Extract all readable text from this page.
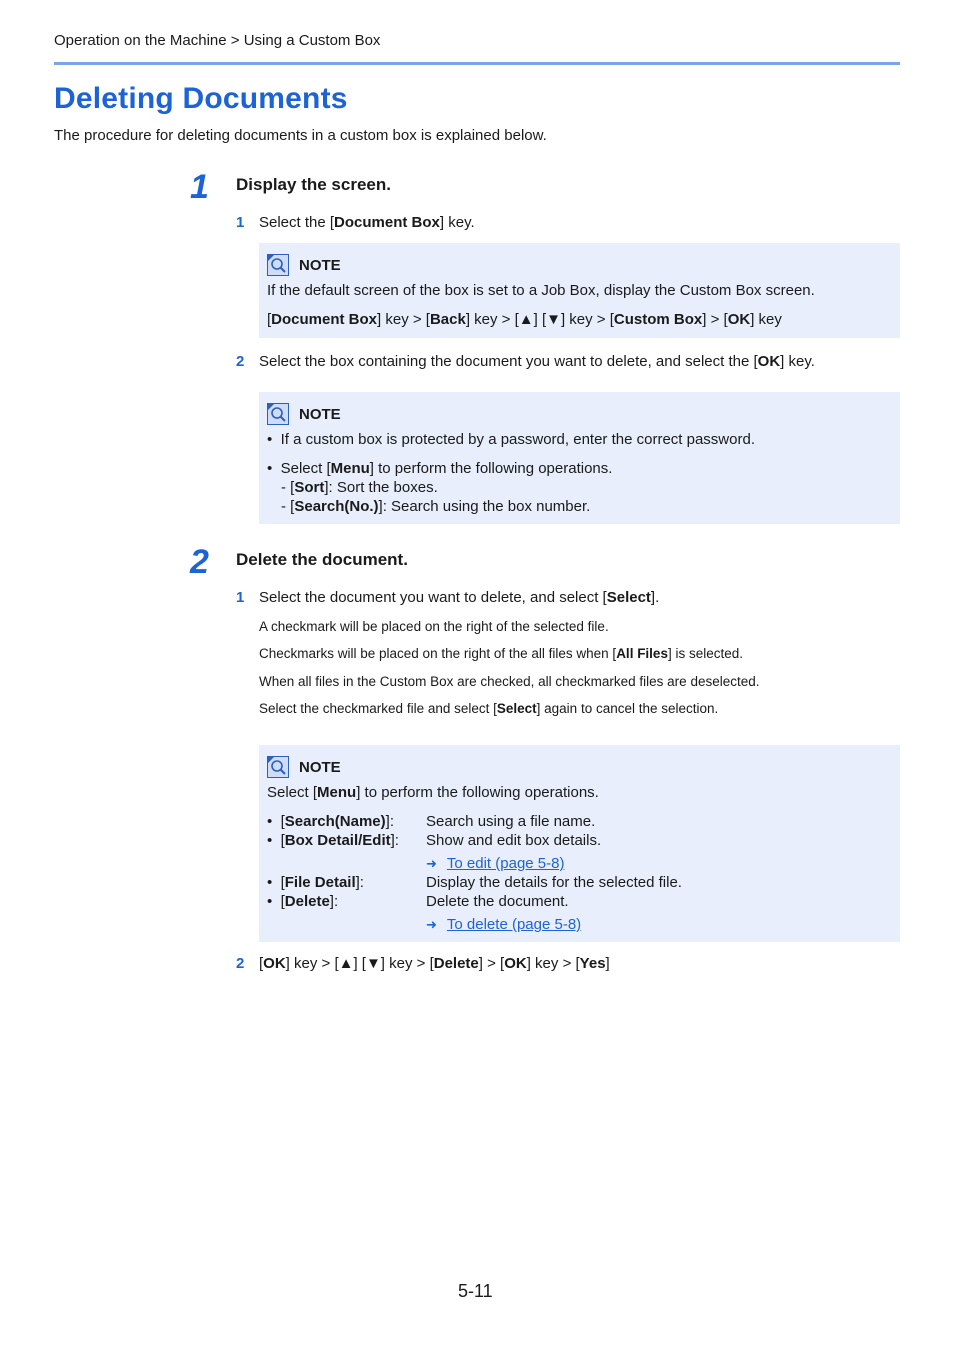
Operation on the Machine > Using a Custom Box
Deleting Documents
The procedure for deleting documents in a custom box is explained below.
1 Display the screen.
1 Select the [Document Box] key.
NOTE
If the default screen of the box is set to a Job Box, display the Custom Box screen.
[Document Box] key > [Back] key > [▲] [▼] key > [Custom Box] > [OK] key
2 Select the box containing the document you want to delete, and select the [OK] key.
NOTE
•  If a custom box is protected by a password, enter the correct password.
•  Select [Menu] to perform the following operations.
- [Sort]: Sort the boxes.
- [Search(No.)]: Search using the box number.
2 Delete the document.
1 Select the document you want to delete, and select [Select].
A checkmark will be placed on the right of the selected file.
Checkmarks will be placed on the right of the all files when [All Files] is selected.
When all files in the Custom Box are checked, all checkmarked files are deselected.
Select the checkmarked file and select [Select] again to cancel the selection.
NOTE
Select [Menu] to perform the following operations.
•  [Search(Name)]: Search using a file name.
•  [Box Detail/Edit]: Show and edit box details.
➜ To edit (page 5-8)
•  [File Detail]:	Display the details for the selected file.
•  [Delete]:	Delete the document.
➜ To delete (page 5-8)
2 [OK] key > [▲] [▼] key > [Delete] > [OK] key > [Yes]
5-11
